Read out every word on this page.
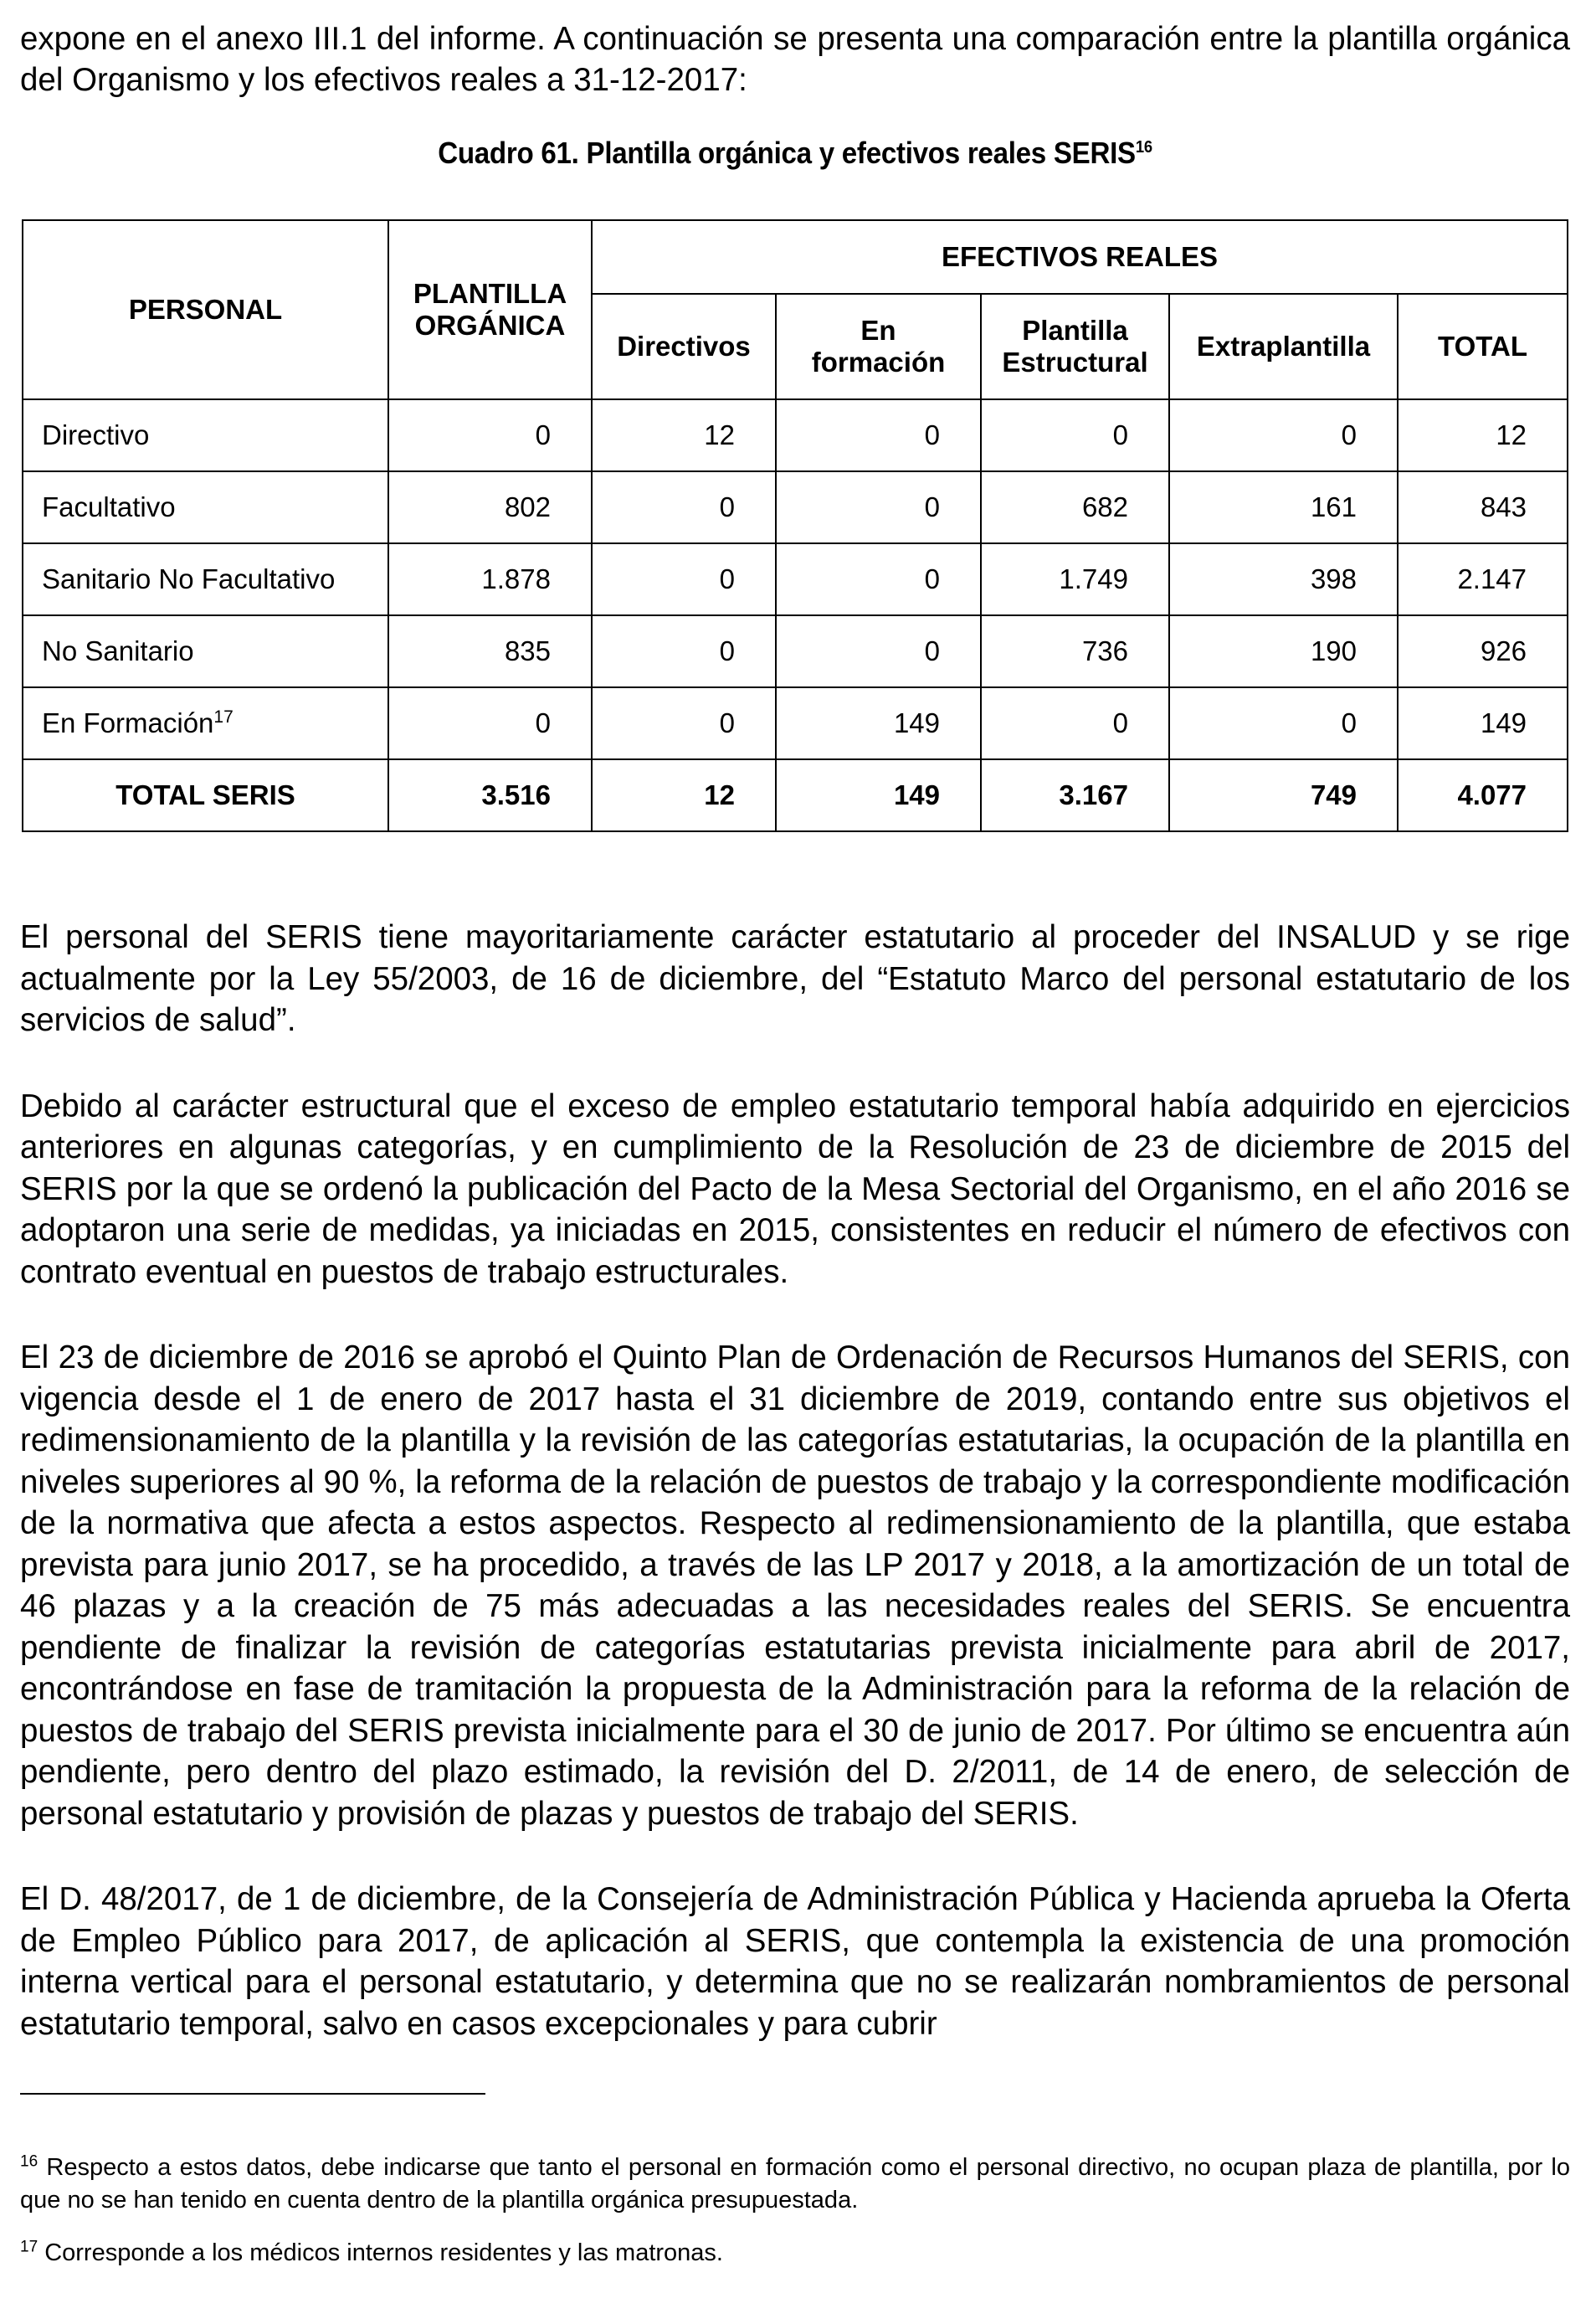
expone en el anexo III.1 del informe. A continuación se presenta una comparación entre la plantilla orgánica del Organismo y los efectivos reales a 31-12-2017:

Cuadro 61. Plantilla orgánica y efectivos reales SERIS$^{16}$

PERSONAL	PLANTILLA ORGÁNICA	EFECTIVOS REALES				
		Directivos	En formación	Plantilla Estructural	Extraplantilla	TOTAL
Directivo	0	12	0	0	0	12
Facultativo	802	0	0	682	161	843
Sanitario No Facultativo	1.878	0	0	1.749	398	2.147
No Sanitario	835	0	0	736	190	926
En Formación$^{17}$	0	0	149	0	0	149
TOTAL SERIS	3.516	12	149	3.167	749	4.077

El personal del SERIS tiene mayoritariamente carácter estatutario al proceder del INSALUD y se rige actualmente por la Ley 55/2003, de 16 de diciembre, del “Estatuto Marco del personal estatutario de los servicios de salud”.

Debido al carácter estructural que el exceso de empleo estatutario temporal había adquirido en ejercicios anteriores en algunas categorías, y en cumplimiento de la Resolución de 23 de diciembre de 2015 del SERIS por la que se ordenó la publicación del Pacto de la Mesa Sectorial del Organismo, en el año 2016 se adoptaron una serie de medidas, ya iniciadas en 2015, consistentes en reducir el número de efectivos con contrato eventual en puestos de trabajo estructurales.

El 23 de diciembre de 2016 se aprobó el Quinto Plan de Ordenación de Recursos Humanos del SERIS, con vigencia desde el 1 de enero de 2017 hasta el 31 diciembre de 2019, contando entre sus objetivos el redimensionamiento de la plantilla y la revisión de las categorías estatutarias, la ocupación de la plantilla en niveles superiores al 90 %, la reforma de la relación de puestos de trabajo y la correspondiente modificación de la normativa que afecta a estos aspectos. Respecto al redimensionamiento de la plantilla, que estaba prevista para junio 2017, se ha procedido, a través de las LP 2017 y 2018, a la amortización de un total de 46 plazas y a la creación de 75 más adecuadas a las necesidades reales del SERIS. Se encuentra pendiente de finalizar la revisión de categorías estatutarias prevista inicialmente para abril de 2017, encontrándose en fase de tramitación la propuesta de la Administración para la reforma de la relación de puestos de trabajo del SERIS prevista inicialmente para el 30 de junio de 2017. Por último se encuentra aún pendiente, pero dentro del plazo estimado, la revisión del D. 2/2011, de 14 de enero, de selección de personal estatutario y provisión de plazas y puestos de trabajo del SERIS.

El D. 48/2017, de 1 de diciembre, de la Consejería de Administración Pública y Hacienda aprueba la Oferta de Empleo Público para 2017, de aplicación al SERIS, que contempla la existencia de una promoción interna vertical para el personal estatutario, y determina que no se realizarán nombramientos de personal estatutario temporal, salvo en casos excepcionales y para cubrir

$^{16}$ Respecto a estos datos, debe indicarse que tanto el personal en formación como el personal directivo, no ocupan plaza de plantilla, por lo que no se han tenido en cuenta dentro de la plantilla orgánica presupuestada.

$^{17}$ Corresponde a los médicos internos residentes y las matronas.
